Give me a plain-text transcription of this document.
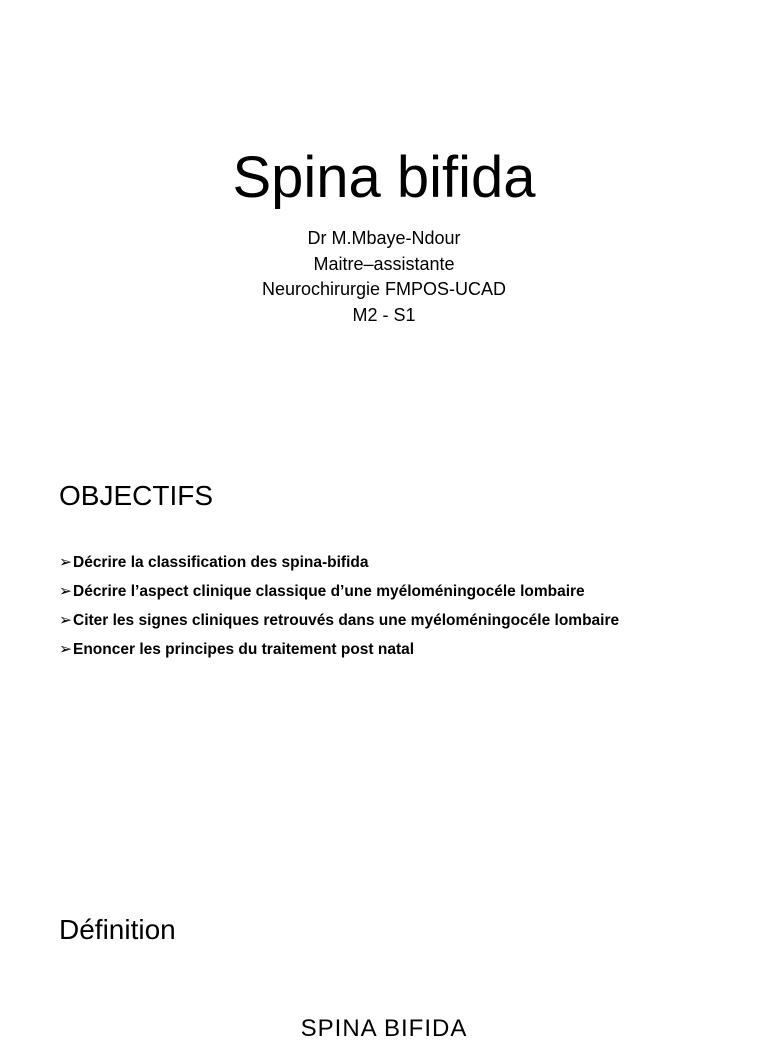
Spina bifida
Dr M.Mbaye-Ndour
Maitre–assistante
Neurochirurgie FMPOS-UCAD
M2 - S1
OBJECTIFS
➢Décrire la classification des spina-bifida
➢Décrire l’aspect clinique classique d’une myéloméningocéle lombaire
➢Citer les signes cliniques retrouvés dans une myéloméningocéle lombaire
➢Enoncer les principes du traitement post natal
Définition
SPINA BIFIDA
